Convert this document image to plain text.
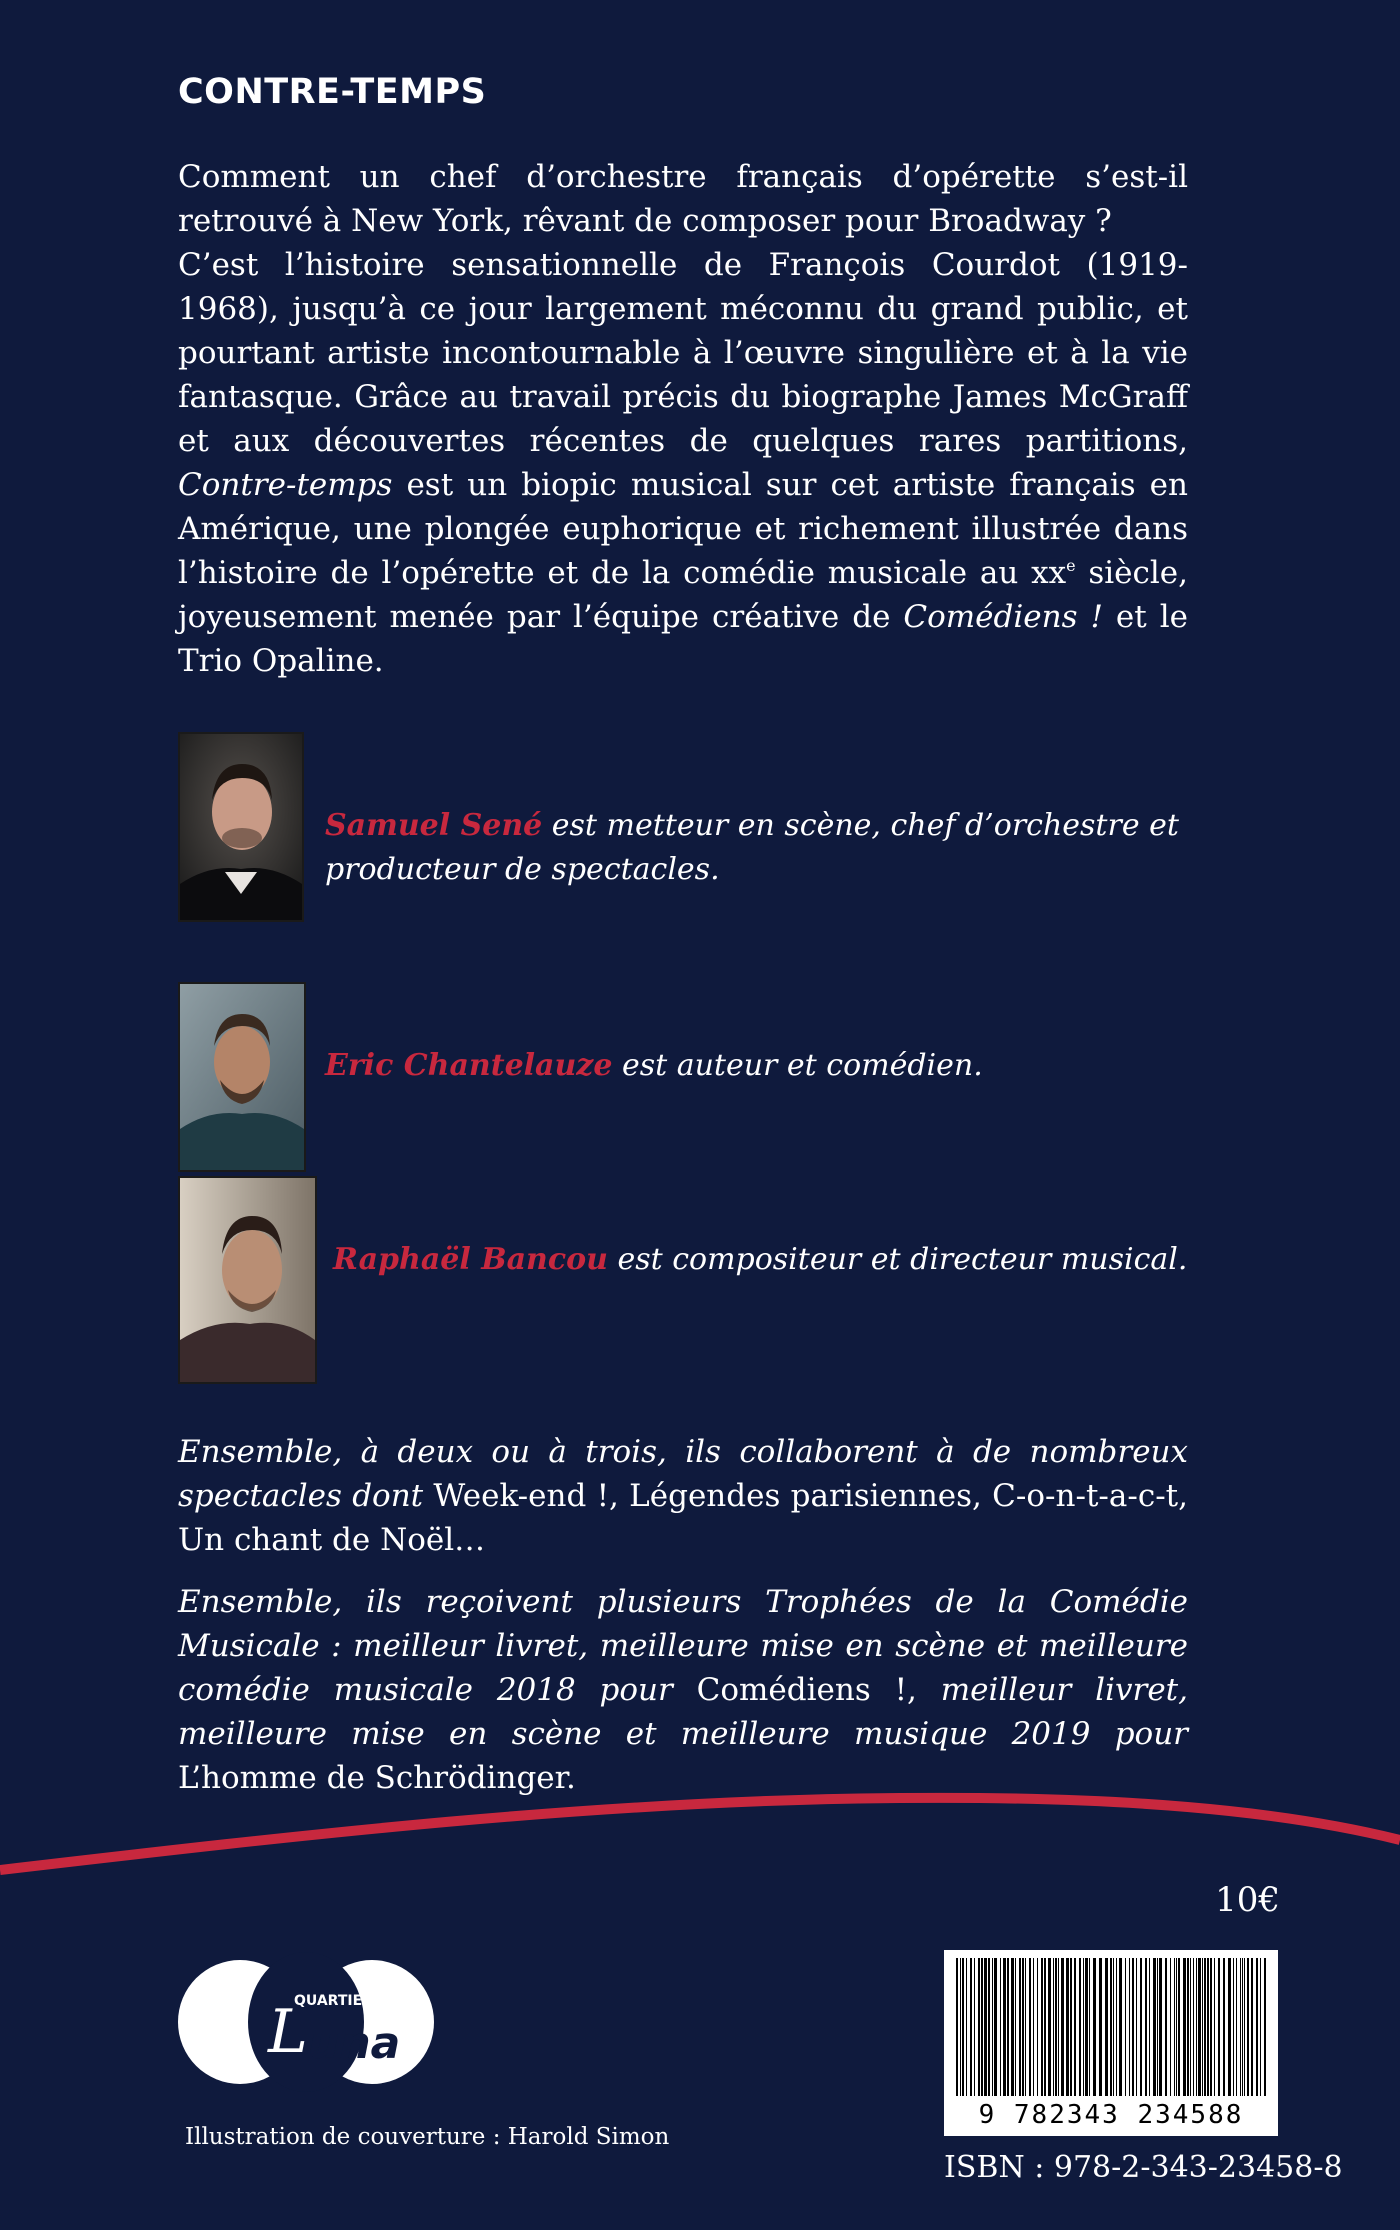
CONTRE-TEMPS

Comment un chef d’orchestre français d’opérette s’est-il retrouvé à New York, rêvant de composer pour Broadway ?

C’est l’histoire sensationnelle de François Courdot (1919-1968), jusqu’à ce jour largement méconnu du grand public, et pourtant artiste incontournable à l’œuvre singulière et à la vie fantasque. Grâce au travail précis du biographe James McGraff et aux découvertes récentes de quelques rares partitions, Contre-temps est un biopic musical sur cet artiste français en Amérique, une plongée euphorique et richement illustrée dans l’histoire de l’opérette et de la comédie musicale au $xx^e$ siècle, joyeusement menée par l’équipe créative de Comédiens ! et le Trio Opaline.

Samuel Sené est metteur en scène, chef d’orchestre et producteur de spectacles.
Eric Chantelauze est auteur et comédien.
Raphaël Bancou est compositeur et directeur musical.

Ensemble, à deux ou à trois, ils collaborent à de nombreux spectacles dont Week-end !, Légendes parisiennes, C-o-n-t-a-c-t, Un chant de Noël…

Ensemble, ils reçoivent plusieurs Trophées de la Comédie Musicale : meilleur livret, meilleure mise en scène et meilleure comédie musicale 2018 pour Comédiens !, meilleur livret, meilleure mise en scène et meilleure musique 2019 pour L’homme de Schrödinger.

10€
9 782343 234588
ISBN : 978-2-343-23458-8
QUARTIER
L una
Illustration de couverture : Harold Simon
